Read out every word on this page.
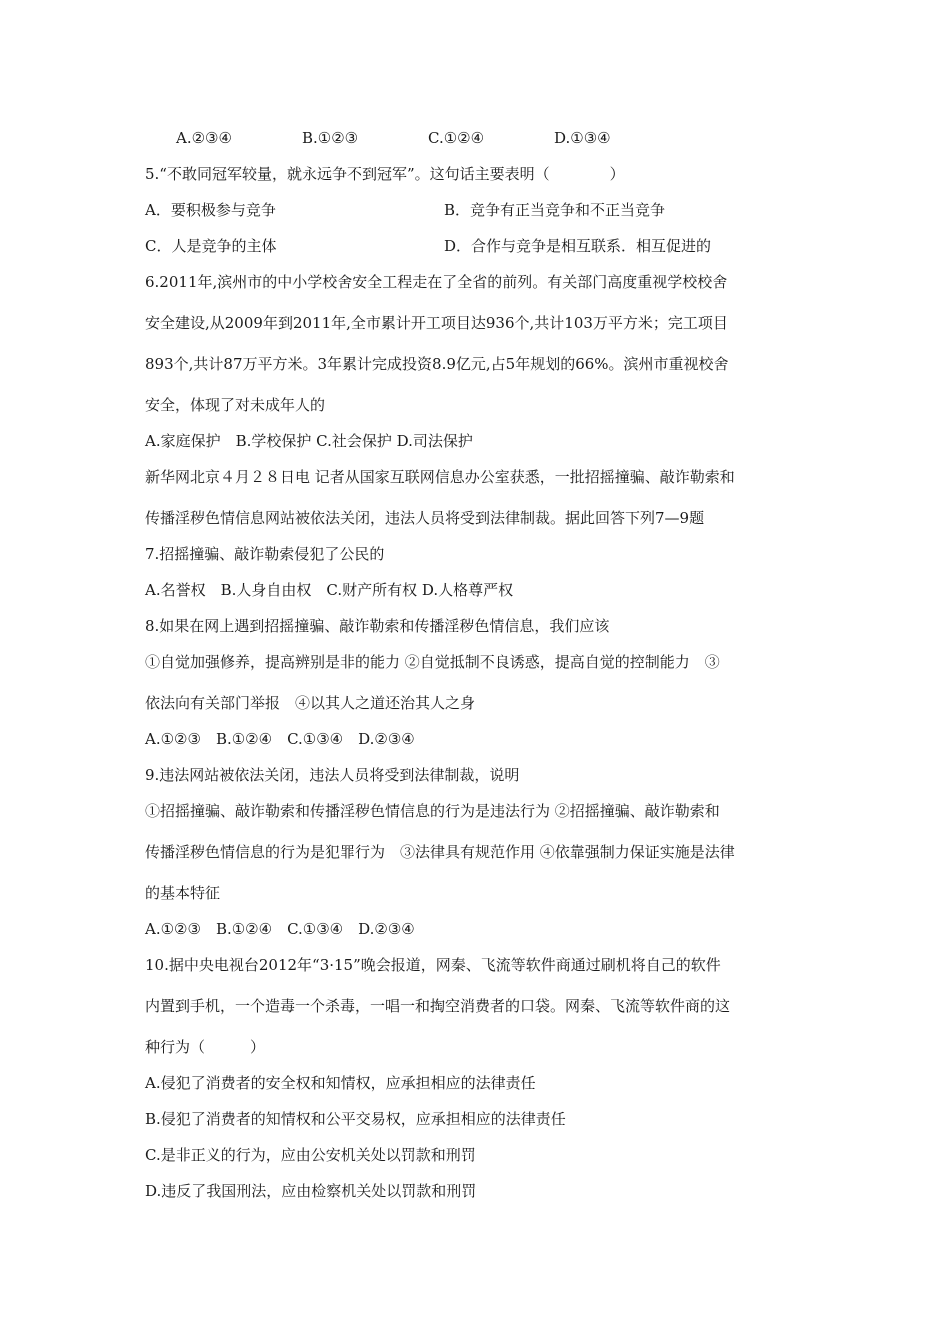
A.②③④	B.①②③	C.①②④	D.①③④
5.“不敢同冠军较量，就永远争不到冠军”。这句话主要表明（　　　　）
A．要积极参与竞争	B．竞争有正当竞争和不正当竞争
C．人是竞争的主体	D．合作与竞争是相互联系．相互促进的
6.2011年,滨州市的中小学校舍安全工程走在了全省的前列。有关部门高度重视学校校舍
安全建设,从2009年到2011年,全市累计开工项目达936个,共计103万平方米；完工项目
893个,共计87万平方米。3年累计完成投资8.9亿元,占5年规划的66%。滨州市重视校舍
安全，体现了对未成年人的
A.家庭保护　B.学校保护 C.社会保护 D.司法保护
新华网北京４月２８日电 记者从国家互联网信息办公室获悉，一批招摇撞骗、敲诈勒索和
传播淫秽色情信息网站被依法关闭，违法人员将受到法律制裁。据此回答下列7—9题
7.招摇撞骗、敲诈勒索侵犯了公民的
A.名誉权　B.人身自由权　C.财产所有权 D.人格尊严权
8.如果在网上遇到招摇撞骗、敲诈勒索和传播淫秽色情信息，我们应该
①自觉加强修养，提高辨别是非的能力 ②自觉抵制不良诱惑，提高自觉的控制能力　③
依法向有关部门举报　④以其人之道还治其人之身
A.①②③　B.①②④　C.①③④　D.②③④
9.违法网站被依法关闭，违法人员将受到法律制裁，说明
①招摇撞骗、敲诈勒索和传播淫秽色情信息的行为是违法行为 ②招摇撞骗、敲诈勒索和
传播淫秽色情信息的行为是犯罪行为　③法律具有规范作用 ④依靠强制力保证实施是法律
的基本特征
A.①②③　B.①②④　C.①③④　D.②③④
10.据中央电视台2012年“3·15”晚会报道，网秦、飞流等软件商通过刷机将自己的软件
内置到手机，一个造毒一个杀毒，一唱一和掏空消费者的口袋。网秦、飞流等软件商的这
种行为（　　　）
A.侵犯了消费者的安全权和知情权，应承担相应的法律责任
B.侵犯了消费者的知情权和公平交易权，应承担相应的法律责任
C.是非正义的行为，应由公安机关处以罚款和刑罚
D.违反了我国刑法，应由检察机关处以罚款和刑罚
